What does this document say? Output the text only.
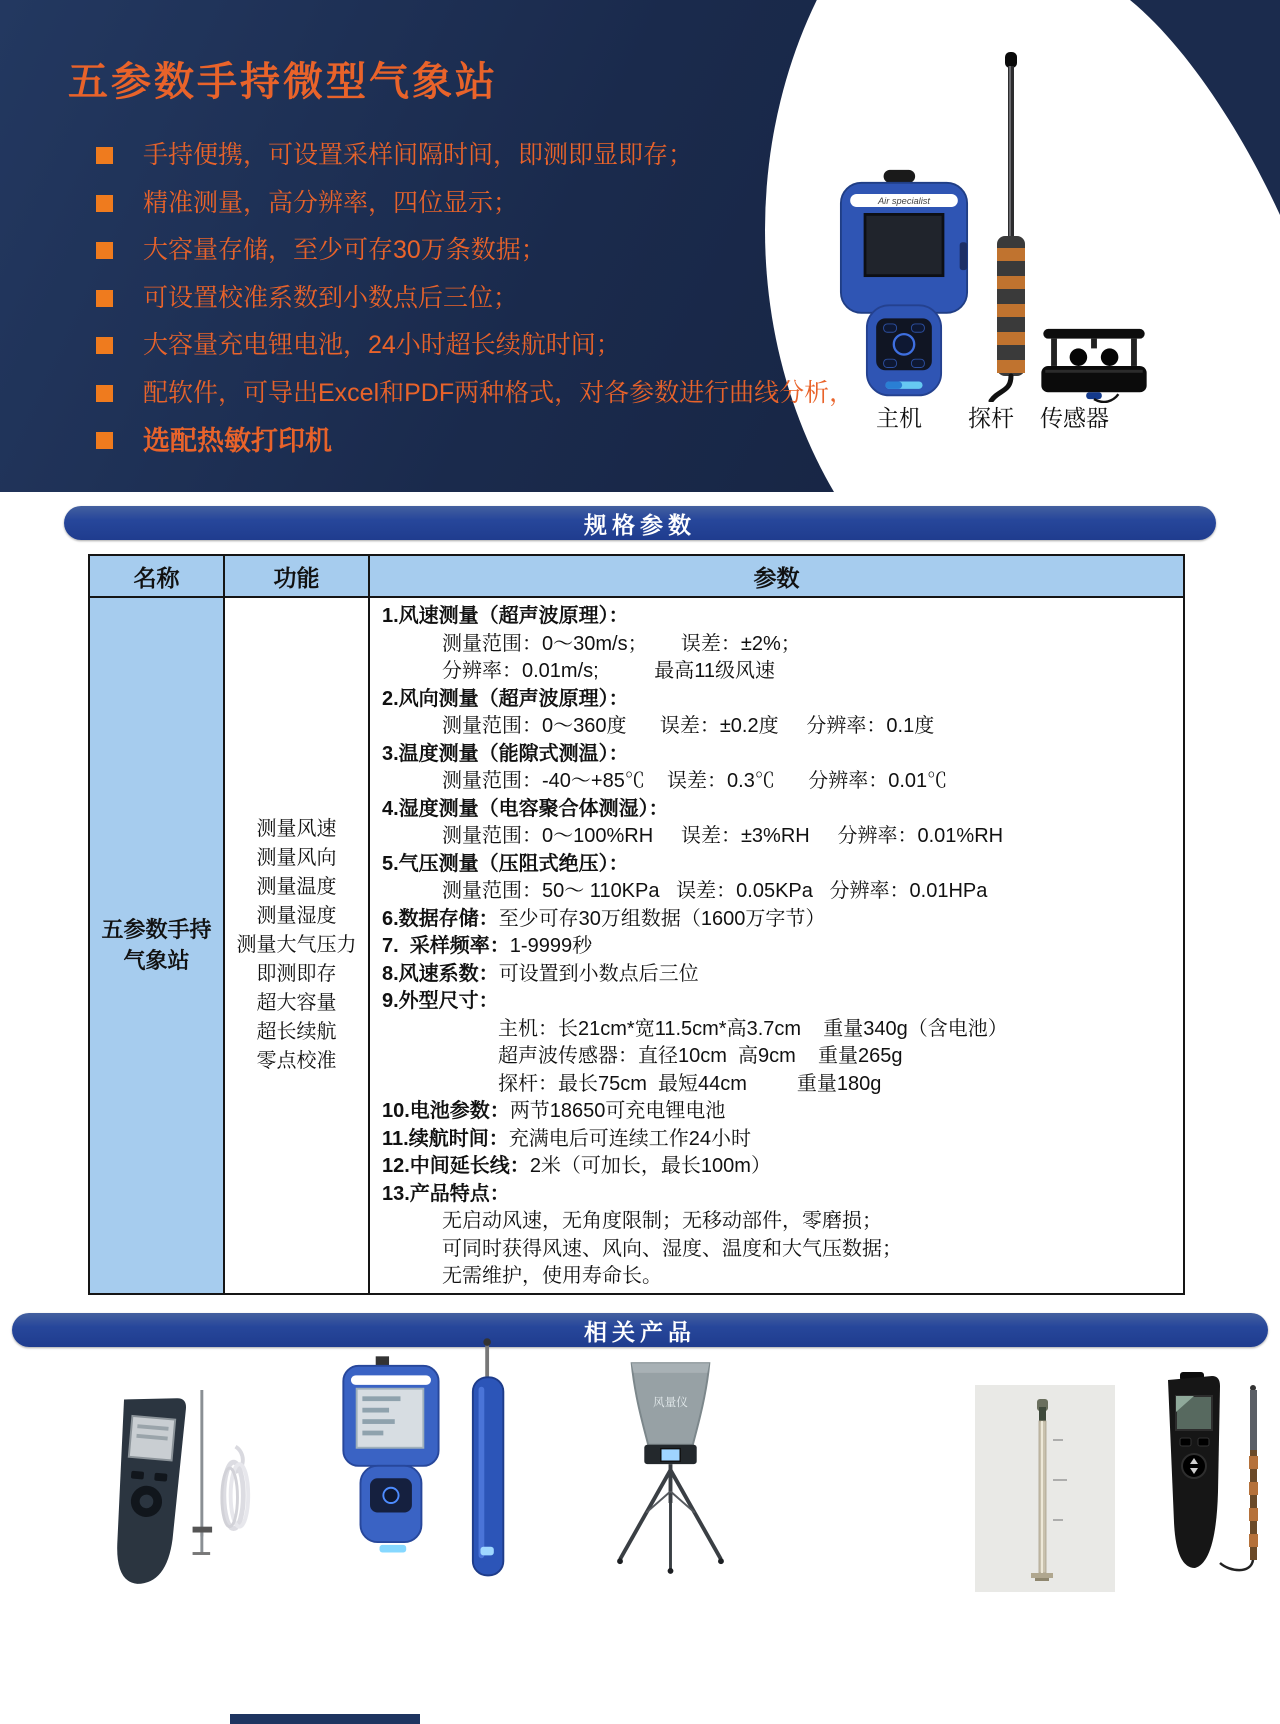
五参数手持微型气象站
手持便携，可设置采样间隔时间，即测即显即存；
精准测量，高分辨率，四位显示；
大容量存储，至少可存30万条数据；
可设置校准系数到小数点后三位；
大容量充电锂电池，24小时超长续航时间；
配软件，可导出Excel和PDF两种格式，对各参数进行曲线分析，
选配热敏打印机
Air specialist
主机 探杆 传感器
规格参数
名称	功能	参数
五参数手持
气象站
测量风速
测量风向
测量温度
测量湿度
测量大气压力
即测即存
超大容量
超长续航
零点校准
1.风速测量（超声波原理）：
测量范围：0～30m/s；      误差：±2%；
分辨率：0.01m/s;          最高11级风速
2.风向测量（超声波原理）：
测量范围：0～360度      误差：±0.2度     分辨率：0.1度
3.温度测量（能隙式测温）：
测量范围：-40～+85℃    误差：0.3℃      分辨率：0.01℃
4.湿度测量（电容聚合体测湿）：
测量范围：0～100%RH     误差：±3%RH     分辨率：0.01%RH
5.气压测量（压阻式绝压）：
测量范围：50～ 110KPa   误差：0.05KPa   分辨率：0.01HPa
6.数据存储：至少可存30万组数据（1600万字节）
7.  采样频率：1-9999秒
8.风速系数：可设置到小数点后三位
9.外型尺寸：
主机：长21cm*宽11.5cm*高3.7cm    重量340g（含电池）
超声波传感器：直径10cm  高9cm    重量265g
探杆：最长75cm  最短44cm         重量180g
10.电池参数：两节18650可充电锂电池
11.续航时间：充满电后可连续工作24小时
12.中间延长线：2米（可加长，最长100m）
13.产品特点：
无启动风速，无角度限制；无移动部件，零磨损；
可同时获得风速、风向、湿度、温度和大气压数据；
无需维护，使用寿命长。
相关产品
风量仪
